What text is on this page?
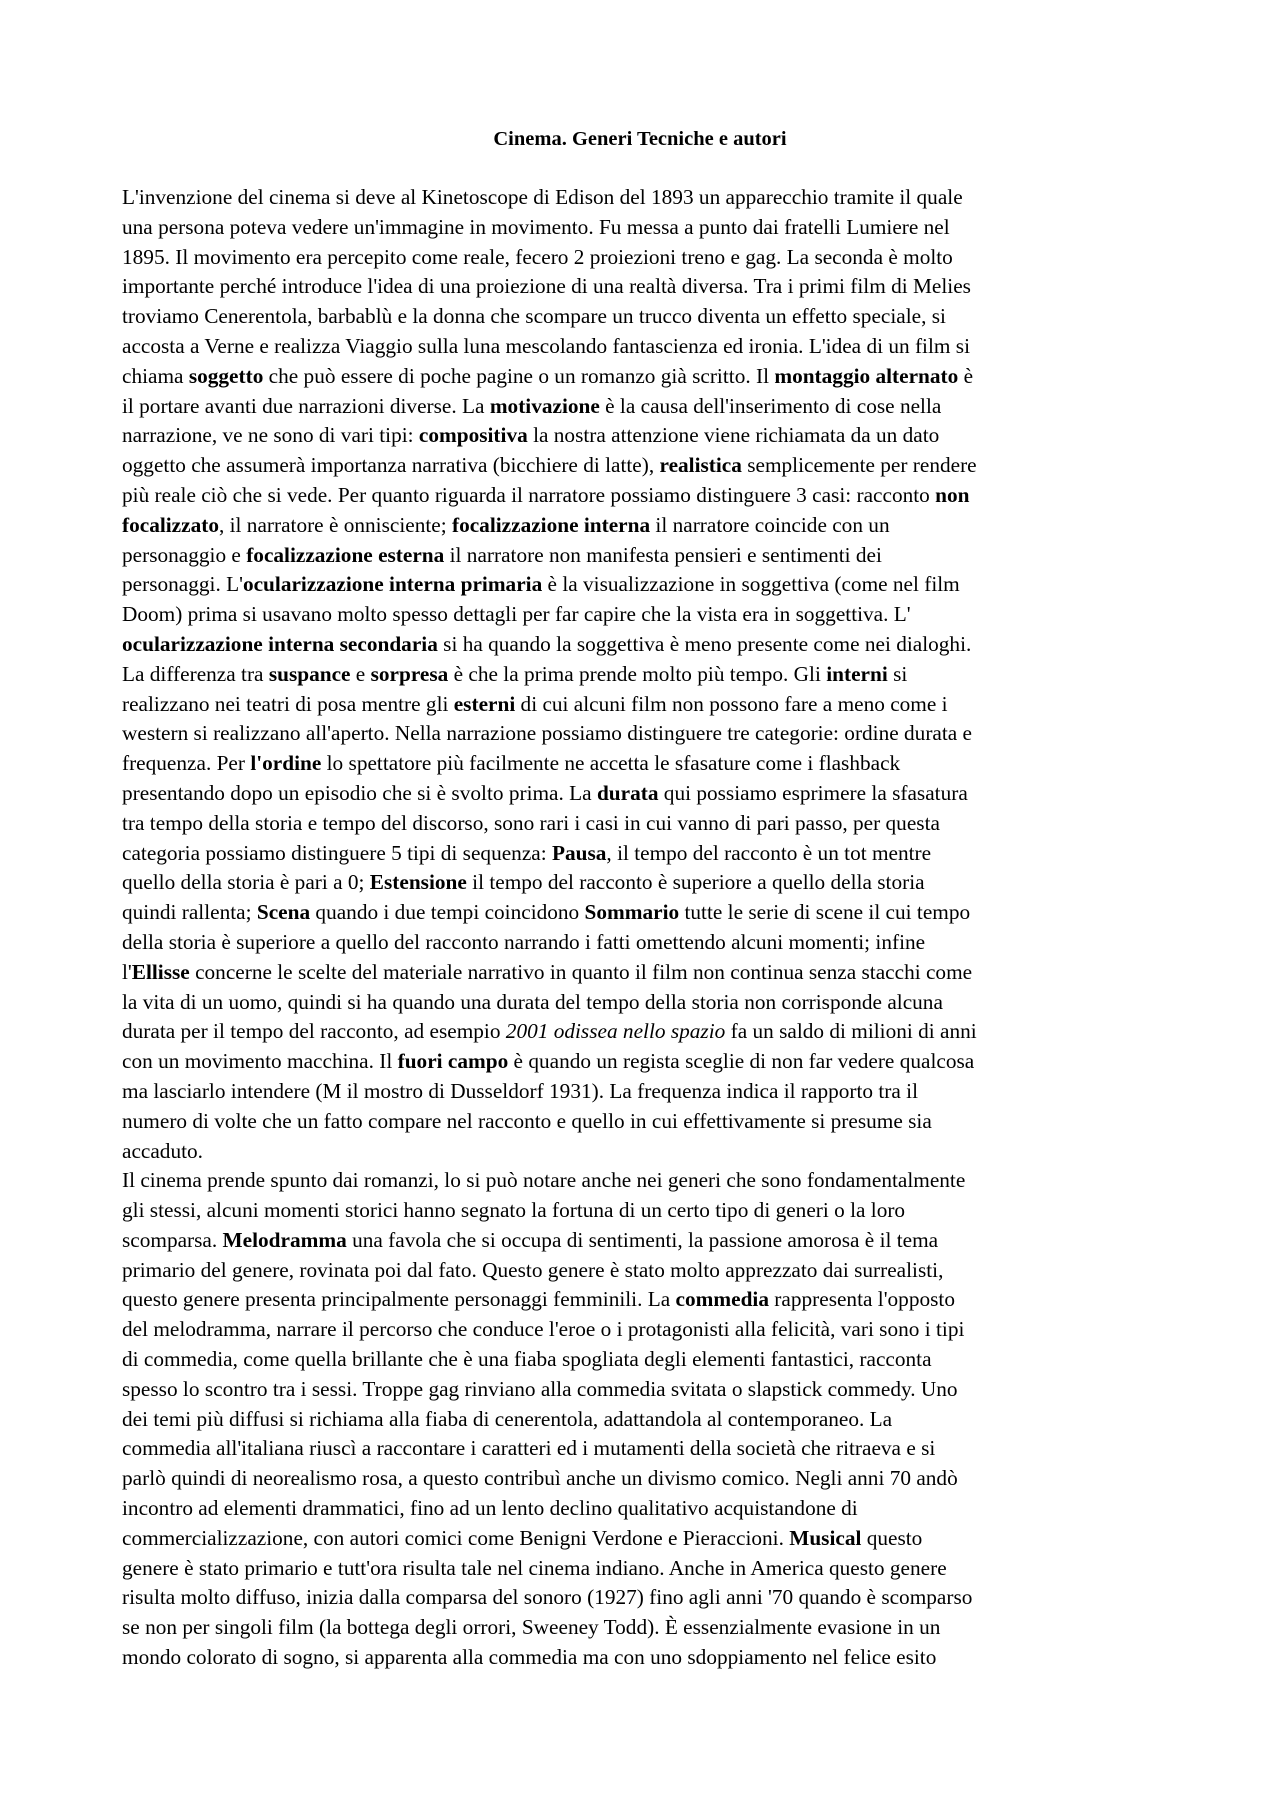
Cinema. Generi Tecniche e autori

L'invenzione del cinema si deve al Kinetoscope di Edison del 1893 un apparecchio tramite il quale
una persona poteva vedere un'immagine in movimento. Fu messa a punto dai fratelli Lumiere nel
1895. Il movimento era percepito come reale, fecero 2 proiezioni treno e gag. La seconda è molto
importante perché introduce l'idea di una proiezione di una realtà diversa. Tra i primi film di Melies
troviamo Cenerentola, barbablù e la donna che scompare un trucco diventa un effetto speciale, si
accosta a Verne e realizza Viaggio sulla luna mescolando fantascienza ed ironia. L'idea di un film si
chiama soggetto che può essere di poche pagine o un romanzo già scritto. Il montaggio alternato è
il portare avanti due narrazioni diverse. La motivazione è la causa dell'inserimento di cose nella
narrazione, ve ne sono di vari tipi: compositiva la nostra attenzione viene richiamata da un dato
oggetto che assumerà importanza narrativa (bicchiere di latte), realistica semplicemente per rendere
più reale ciò che si vede. Per quanto riguarda il narratore possiamo distinguere 3 casi: racconto non
focalizzato, il narratore è onnisciente; focalizzazione interna il narratore coincide con un
personaggio e focalizzazione esterna il narratore non manifesta pensieri e sentimenti dei
personaggi. L'ocularizzazione interna primaria è la visualizzazione in soggettiva (come nel film
Doom) prima si usavano molto spesso dettagli per far capire che la vista era in soggettiva. L'
ocularizzazione interna secondaria si ha quando la soggettiva è meno presente come nei dialoghi.
La differenza tra suspance e sorpresa è che la prima prende molto più tempo. Gli interni si
realizzano nei teatri di posa mentre gli esterni di cui alcuni film non possono fare a meno come i
western si realizzano all'aperto. Nella narrazione possiamo distinguere tre categorie: ordine durata e
frequenza. Per l'ordine lo spettatore più facilmente ne accetta le sfasature come i flashback
presentando dopo un episodio che si è svolto prima. La durata qui possiamo esprimere la sfasatura
tra tempo della storia e tempo del discorso, sono rari i casi in cui vanno di pari passo, per questa
categoria possiamo distinguere 5 tipi di sequenza: Pausa, il tempo del racconto è un tot mentre
quello della storia è pari a 0; Estensione il tempo del racconto è superiore a quello della storia
quindi rallenta; Scena quando i due tempi coincidono Sommario tutte le serie di scene il cui tempo
della storia è superiore a quello del racconto narrando i fatti omettendo alcuni momenti; infine
l'Ellisse concerne le scelte del materiale narrativo in quanto il film non continua senza stacchi come
la vita di un uomo, quindi si ha quando una durata del tempo della storia non corrisponde alcuna
durata per il tempo del racconto, ad esempio 2001 odissea nello spazio fa un saldo di milioni di anni
con un movimento macchina. Il fuori campo è quando un regista sceglie di non far vedere qualcosa
ma lasciarlo intendere (M il mostro di Dusseldorf 1931). La frequenza indica il rapporto tra il
numero di volte che un fatto compare nel racconto e quello in cui effettivamente si presume sia
accaduto.

Il cinema prende spunto dai romanzi, lo si può notare anche nei generi che sono fondamentalmente
gli stessi, alcuni momenti storici hanno segnato la fortuna di un certo tipo di generi o la loro
scomparsa. Melodramma una favola che si occupa di sentimenti, la passione amorosa è il tema
primario del genere, rovinata poi dal fato. Questo genere è stato molto apprezzato dai surrealisti,
questo genere presenta principalmente personaggi femminili. La commedia rappresenta l'opposto
del melodramma, narrare il percorso che conduce l'eroe o i protagonisti alla felicità, vari sono i tipi
di commedia, come quella brillante che è una fiaba spogliata degli elementi fantastici, racconta
spesso lo scontro tra i sessi. Troppe gag rinviano alla commedia svitata o slapstick commedy. Uno
dei temi più diffusi si richiama alla fiaba di cenerentola, adattandola al contemporaneo. La
commedia all'italiana riuscì a raccontare i caratteri ed i mutamenti della società che ritraeva e si
parlò quindi di neorealismo rosa, a questo contribuì anche un divismo comico. Negli anni 70 andò
incontro ad elementi drammatici, fino ad un lento declino qualitativo acquistandone di
commercializzazione, con autori comici come Benigni Verdone e Pieraccioni. Musical questo
genere è stato primario e tutt'ora risulta tale nel cinema indiano. Anche in America questo genere
risulta molto diffuso, inizia dalla comparsa del sonoro (1927) fino agli anni '70 quando è scomparso
se non per singoli film (la bottega degli orrori, Sweeney Todd). È essenzialmente evasione in un
mondo colorato di sogno, si apparenta alla commedia ma con uno sdoppiamento nel felice esito
